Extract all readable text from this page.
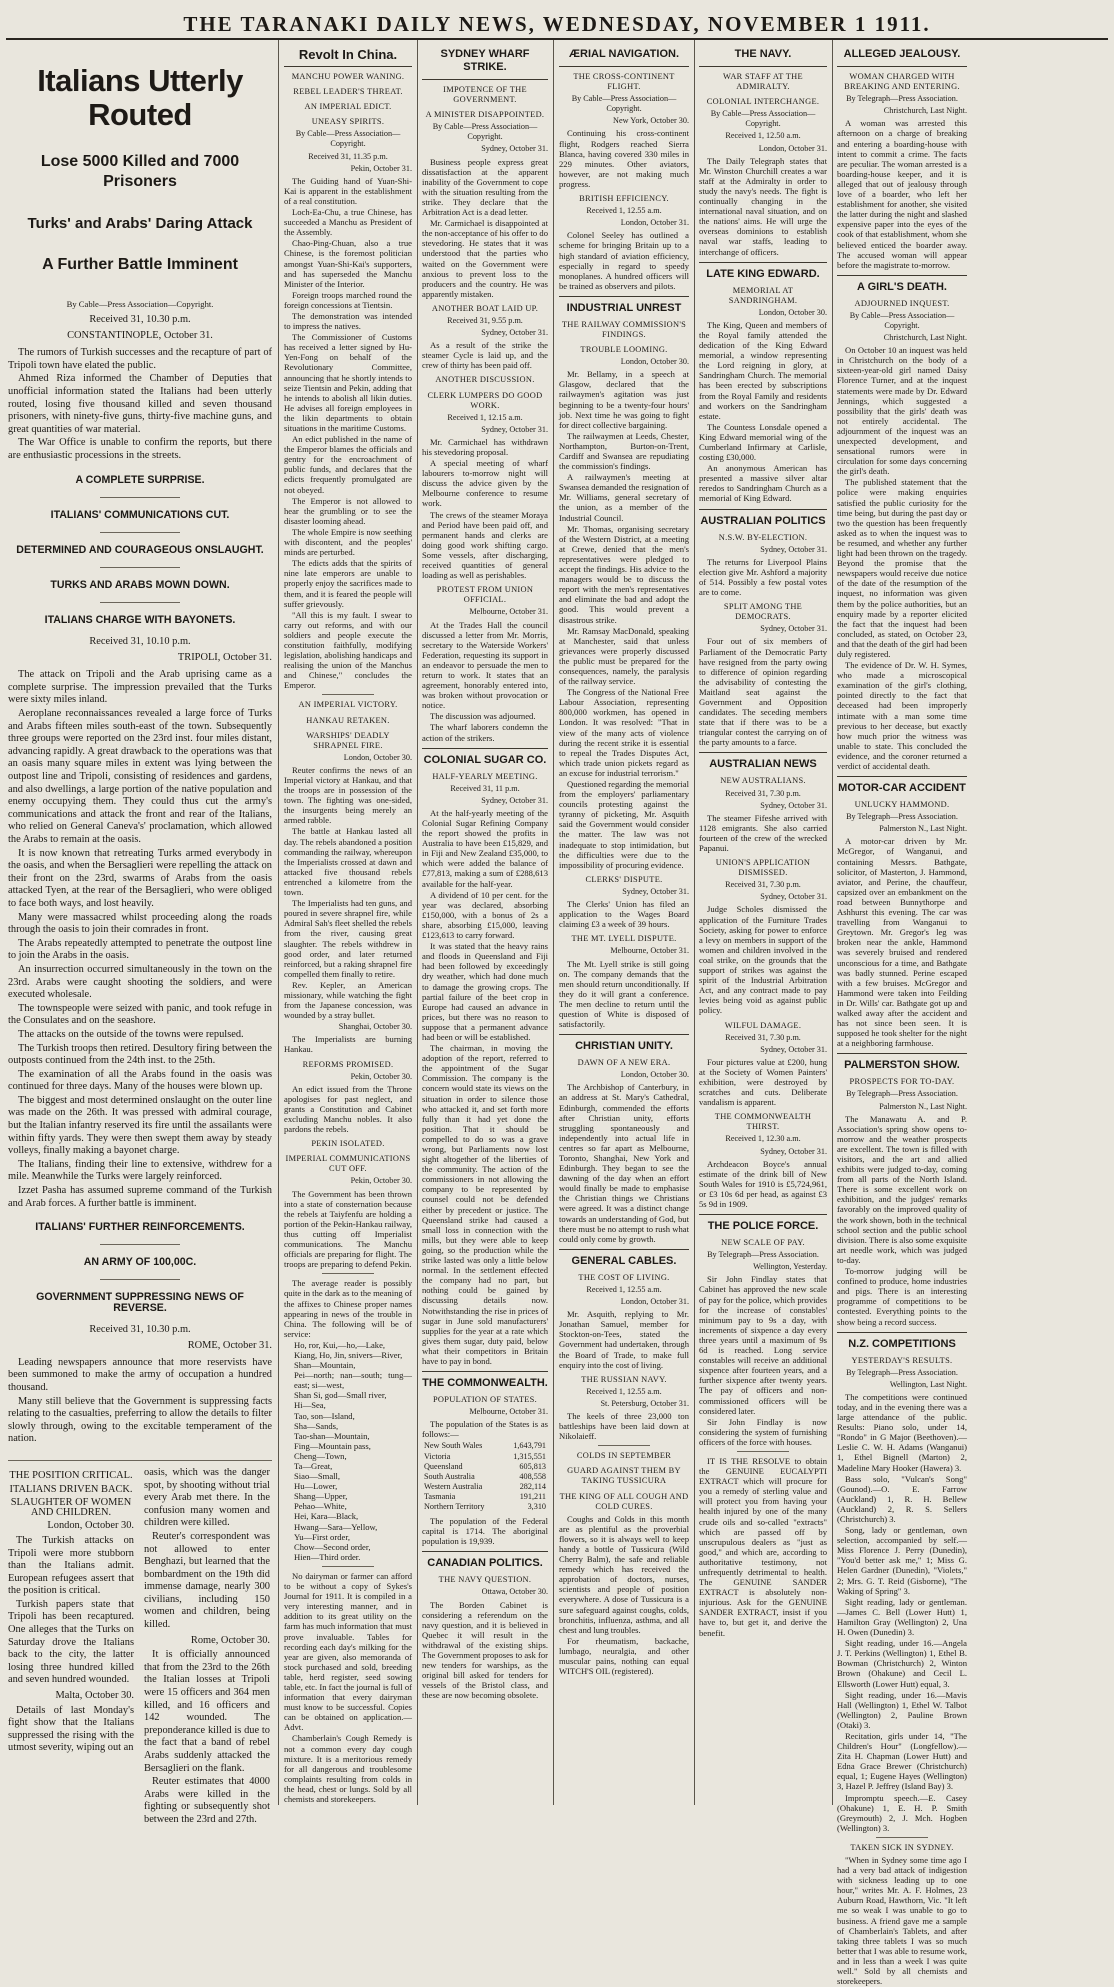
THE TARANAKI DAILY NEWS, WEDNESDAY, NOVEMBER 1 1911.
Italians Utterly Routed
Lose 5000 Killed and 7000 Prisoners
Turks' and Arabs' Daring Attack
A Further Battle Imminent
By Cable—Press Association—Copyright.
Received 31, 10.30 p.m.
CONSTANTINOPLE, October 31.

The rumors of Turkish successes and the recapture of part of Tripoli town have elated the public.

Ahmed Riza informed the Chamber of Deputies that unofficial information stated the Italians had been utterly routed, losing five thousand killed and seven thousand prisoners, with ninety-five guns, thirty-five machine guns, and great quantities of war material.

The War Office is unable to confirm the reports, but there are enthusiastic processions in the streets.

A COMPLETE SURPRISE.
ITALIANS' COMMUNICATIONS CUT.
DETERMINED AND COURAGEOUS ONSLAUGHT.
TURKS AND ARABS MOWN DOWN.
ITALIANS CHARGE WITH BAYONETS.
Received 31, 10.10 p.m.
TRIPOLI, October 31.

The attack on Tripoli and the Arab uprising came as a complete surprise. The impression prevailed that the Turks were sixty miles inland.

Aeroplane reconnaissances revealed a large force of Turks and Arabs fifteen miles south-east of the town. Subsequently three groups were reported on the 23rd inst. four miles distant, advancing rapidly. A great drawback to the operations was that an oasis many square miles in extent was lying between the outpost line and Tripoli, consisting of residences and gardens, and also dwellings, a large portion of the native population and enemy occupying them. They could thus cut the army's communications and attack the front and rear of the Italians, who relied on General Caneva's' proclamation, which allowed the Arabs to remain at the oasis.

It is now known that retreating Turks armed everybody in the oasis, and when the Bersaglieri were repelling the attack on their front on the 23rd, swarms of Arabs from the oasis attacked Tyen, at the rear of the Bersaglieri, who were obliged to face both ways, and lost heavily.

Many were massacred whilst proceeding along the roads through the oasis to join their comrades in front.

The Arabs repeatedly attempted to penetrate the outpost line to join the Arabs in the oasis.

An insurrection occurred simultaneously in the town on the 23rd. Arabs were caught shooting the soldiers, and were executed wholesale.

The townspeople were seized with panic, and took refuge in the Consulates and on the seashore.

The attacks on the outside of the towns were repulsed.

The Turkish troops then retired. Desultory firing between the outposts continued from the 24th inst. to the 25th.

The examination of all the Arabs found in the oasis was continued for three days. Many of the houses were blown up.

The biggest and most determined onslaught on the outer line was made on the 26th. It was pressed with admiral courage, but the Italian infantry reserved its fire until the assailants were within fifty yards. They were then swept them away by steady volleys, finally making a bayonet charge.

The Italians, finding their line to extensive, withdrew for a mile. Meanwhile the Turks were largely reinforced.

Izzet Pasha has assumed supreme command of the Turkish and Arab forces. A further battle is imminent.

ITALIANS' FURTHER REINFORCEMENTS.
AN ARMY OF 100,00C.
GOVERNMENT SUPPRESSING NEWS OF REVERSE.
Received 31, 10.30 p.m.
ROME, October 31.

Leading newspapers announce that more reservists have been summoned to make the army of occupation a hundred thousand.

Many still believe that the Government is suppressing facts relating to the casualties, preferring to allow the details to filter slowly through, owing to the excitable temperament of the nation.

THE POSITION CRITICAL.
ITALIANS DRIVEN BACK.
SLAUGHTER OF WOMEN AND CHILDREN.
London, October 30.

The Turkish attacks on Tripoli were more stubborn than the Italians admit. European refugees assert that the position is critical.

Turkish papers state that Tripoli has been recaptured. One alleges that the Turks on Saturday drove the Italians back to the city, the latter losing three hundred killed and seven hundred wounded.

Malta, October 30.

Details of last Monday's fight show that the Italians suppressed the rising with the utmost severity, wiping out an

oasis, which was the danger spot, by shooting without trial every Arab met there. In the confusion many women and children were killed.

Reuter's correspondent was not allowed to enter Benghazi, but learned that the bombardment on the 19th did immense damage, nearly 300 civilians, including 150 women and children, being killed.

Rome, October 30.

It is officially announced that from the 23rd to the 26th the Italian losses at Tripoli were 15 officers and 364 men killed, and 16 officers and 142 wounded. The preponderance killed is due to the fact that a band of rebel Arabs suddenly attacked the Bersaglieri on the flank.

Reuter estimates that 4000 Arabs were killed in the fighting or subsequently shot between the 23rd and 27th.

Revolt In China.
MANCHU POWER WANING.
REBEL LEADER'S THREAT.
AN IMPERIAL EDICT.
UNEASY SPIRITS.
By Cable—Press Association—Copyright.
Received 31, 11.35 p.m.
Pekin, October 31.

The Guiding hand of Yuan-Shi-Kai is apparent in the establishment of a real constitution.

Loch-Ea-Chu, a true Chinese, has succeeded a Manchu as President of the Assembly.

Chao-Ping-Chuan, also a true Chinese, is the foremost politician amongst Yuan-Shi-Kai's supporters, and has superseded the Manchu Minister of the Interior.

Foreign troops marched round the foreign concessions at Tientsin.

The demonstration was intended to impress the natives.

The Commissioner of Customs has received a letter signed by Hu-Yen-Fong on behalf of the Revolutionary Committee, announcing that he shortly intends to seize Tientsin and Pekin, adding that he intends to abolish all likin duties. He advises all foreign employees in the likin departments to obtain situations in the maritime Customs.

An edict published in the name of the Emperor blames the officials and gentry for the encroachment of public funds, and declares that the edicts frequently promulgated are not obeyed.

The Emperor is not allowed to hear the grumbling or to see the disaster looming ahead.

The whole Empire is now seething with discontent, and the peoples' minds are perturbed.

The edicts adds that the spirits of nine late emperors are unable to properly enjoy the sacrifices made to them, and it is feared the people will suffer grievously.

"All this is my fault. I swear to carry out reforms, and with our soldiers and people execute the constitution faithfully, modifying legislation, abolishing handicaps and realising the union of the Manchus and Chinese," concludes the Emperor.

AN IMPERIAL VICTORY.
HANKAU RETAKEN.
WARSHIPS' DEADLY SHRAPNEL FIRE.
London, October 30.

Reuter confirms the news of an Imperial victory at Hankau, and that the troops are in possession of the town. The fighting was one-sided, the insurgents being merely an armed rabble.

The battle at Hankau lasted all day. The rebels abandoned a position commanding the railway, whereupon the Imperialists crossed at dawn and attacked five thousand rebels entrenched a kilometre from the town.

The Imperialists had ten guns, and poured in severe shrapnel fire, while Admiral Sah's fleet shelled the rebels from the river, causing great slaughter. The rebels withdrew in good order, and later returned reinforced, but a raking shrapnel fire compelled them finally to retire.

Rev. Kepler, an American missionary, while watching the fight from the Japanese concession, was wounded by a stray bullet.

Shanghai, October 30.

The Imperialists are burning Hankau.

REFORMS PROMISED.
Pekin, October 30.

An edict issued from the Throne apologises for past neglect, and grants a Constitution and Cabinet excluding Manchu nobles. It also pardons the rebels.

PEKIN ISOLATED.
IMPERIAL COMMUNICATIONS CUT OFF.
Pekin, October 30.

The Government has been thrown into a state of consternation because the rebels at Taiyfenfu are holding a portion of the Pekin-Hankau railway, thus cutting off Imperialist communications. The Manchu officials are preparing for flight. The troops are preparing to defend Pekin.

The average reader is possibly quite in the dark as to the meaning of the affixes to Chinese proper names appearing in news of the trouble in China. The following will be of service:

Ho, ror, Kui,—ho,—Lake,
Kiang, Ho, Jin, snivers—River,
Shan—Mountain,
Pei—north; nan—south; tung—east; si—west,
Shan Si, god—Small river,
Hi—Sea,
Tao, son—Island,
Sha—Sands,
Tao-shan—Mountain,
Fing—Mountain pass,
Cheng—Town,
Ta—Great,
Siao—Small,
Hu—Lower,
Shang—Upper,
Pehao—White,
Hei, Kara—Black,
Hwang—Sara—Yellow,
Yu—First order,
Chow—Second order,
Hien—Third order.

No dairyman or farmer can afford to be without a copy of Sykes's Journal for 1911. It is compiled in a very interesting manner, and in addition to its great utility on the farm has much information that must prove invaluable. Tables for recording each day's milking for the year are given, also memoranda of stock purchased and sold, breeding table, herd register, seed sowing table, etc. In fact the journal is full of information that every dairyman must know to be successful. Copies can be obtained on application.—Advt.

Chamberlain's Cough Remedy is not a common every day cough mixture. It is a meritorious remedy for all dangerous and troublesome complaints resulting from colds in the head, chest or lungs. Sold by all chemists and storekeepers.

SYDNEY WHARF STRIKE.
IMPOTENCE OF THE GOVERNMENT.
A MINISTER DISAPPOINTED.
By Cable—Press Association—Copyright.
Sydney, October 31.

Business people express great dissatisfaction at the apparent inability of the Government to cope with the situation resulting from the strike. They declare that the Arbitration Act is a dead letter.

Mr. Carmichael is disappointed at the non-acceptance of his offer to do stevedoring. He states that it was understood that the parties who waited on the Government were anxious to prevent loss to the producers and the country. He was apparently mistaken.

ANOTHER BOAT LAID UP.
Received 31, 9.55 p.m.
Sydney, October 31.

As a result of the strike the steamer Cycle is laid up, and the crew of thirty has been paid off.

ANOTHER DISCUSSION.
CLERK LUMPERS DO GOOD WORK.
Received 1, 12.15 a.m.
Sydney, October 31.

Mr. Carmichael has withdrawn his stevedoring proposal.

A special meeting of wharf labourers to-morrow night will discuss the advice given by the Melbourne conference to resume work.

The crews of the steamer Moraya and Period have been paid off, and permanent hands and clerks are doing good work shifting cargo. Some vessels, after discharging, received quantities of general loading as well as perishables.

PROTEST FROM UNION OFFICIAL.
Melbourne, October 31.

At the Trades Hall the council discussed a letter from Mr. Morris, secretary to the Waterside Workers' Federation, requesting its support in an endeavor to persuade the men to return to work. It states that an agreement, honorably entered into, was broken without provocation or notice.

The discussion was adjourned.

The wharf laborers condemn the action of the strikers.

COLONIAL SUGAR CO.
HALF-YEARLY MEETING.
Received 31, 11 p.m.
Sydney, October 31.

At the half-yearly meeting of the Colonial Sugar Refining Company the report showed the profits in Australia to have been £15,829, and in Fiji and New Zealand £35,000, to which were added the balance of £77,813, making a sum of £288,613 available for the half-year.

A dividend of 10 per cent. for the year was declared, absorbing £150,000, with a bonus of 2s a share, absorbing £15,000, leaving £123,613 to carry forward.

It was stated that the heavy rains and floods in Queensland and Fiji had been followed by exceedingly dry weather, which had done much to damage the growing crops. The partial failure of the beet crop in Europe had caused an advance in prices, but there was no reason to suppose that a permanent advance had been or will be established.

The chairman, in moving the adoption of the report, referred to the appointment of the Sugar Commission. The company is the concern would state its views on the situation in order to silence those who attacked it, and set forth more fully than it had yet done the position. That it should be compelled to do so was a grave wrong, but Parliaments now lost sight altogether of the liberties of the community. The action of the commissioners in not allowing the company to be represented by counsel could not be defended either by precedent or justice. The Queensland strike had caused a small loss in connection with the mills, but they were able to keep going, so the production while the strike lasted was only a little below normal. In the settlement effected the company had no part, but nothing could be gained by discussing details now. Notwithstanding the rise in prices of sugar in June sold manufacturers' supplies for the year at a rate which gives them sugar, duty paid, below what their competitors in Britain have to pay in bond.

THE COMMONWEALTH.
POPULATION OF STATES.
Melbourne, October 31.

The population of the States is as follows:—

New South Wales	1,643,791
Victoria	1,315,551
Queensland	605,813
South Australia	408,558
Western Australia	282,114
Tasmania	191,211
Northern Territory	3,310

The population of the Federal capital is 1714. The aboriginal population is 19,939.

CANADIAN POLITICS.
THE NAVY QUESTION.
Ottawa, October 30.

The Borden Cabinet is considering a referendum on the navy question, and it is believed in Quebec it will result in the withdrawal of the existing ships. The Government proposes to ask for new tenders for warships, as the original bill asked for tenders for vessels of the Bristol class, and these are now becoming obsolete.

ÆRIAL NAVIGATION.
THE CROSS-CONTINENT FLIGHT.
By Cable—Press Association—Copyright.
New York, October 30.

Continuing his cross-continent flight, Rodgers reached Sierra Blanca, having covered 330 miles in 229 minutes. Other aviators, however, are not making much progress.

BRITISH EFFICIENCY.
Received 1, 12.55 a.m.
London, October 31.

Colonel Seeley has outlined a scheme for bringing Britain up to a high standard of aviation efficiency, especially in regard to speedy monoplanes. A hundred officers will be trained as observers and pilots.

INDUSTRIAL UNREST
THE RAILWAY COMMISSION'S FINDINGS.
TROUBLE LOOMING.
London, October 30.

Mr. Bellamy, in a speech at Glasgow, declared that the railwaymen's agitation was just beginning to be a twenty-four hours' job. Next time he was going to fight for direct collective bargaining.

The railwaymen at Leeds, Chester, Northampton, Burton-on-Trent, Cardiff and Swansea are repudiating the commission's findings.

A railwaymen's meeting at Swansea demanded the resignation of Mr. Williams, general secretary of the union, as a member of the Industrial Council.

Mr. Thomas, organising secretary of the Western District, at a meeting at Crewe, denied that the men's representatives were pledged to accept the findings. His advice to the managers would be to discuss the report with the men's representatives and eliminate the bad and adopt the good. This would prevent a disastrous strike.

Mr. Ramsay MacDonald, speaking at Manchester, said that unless grievances were properly discussed the public must be prepared for the consequences, namely, the paralysis of the railway service.

The Congress of the National Free Labour Association, representing 800,000 workmen, has opened in London. It was resolved: "That in view of the many acts of violence during the recent strike it is essential to repeal the Trades Disputes Act, which trade union pickets regard as an excuse for industrial terrorism."

Questioned regarding the memorial from the employers' parliamentary councils protesting against the tyranny of picketing, Mr. Asquith said the Government would consider the matter. The law was not inadequate to stop intimidation, but the difficulties were due to the impossibility of procuring evidence.

CLERKS' DISPUTE.
Sydney, October 31.

The Clerks' Union has filed an application to the Wages Board claiming £3 a week of 39 hours.

THE MT. LYELL DISPUTE.
Melbourne, October 31.

The Mt. Lyell strike is still going on. The company demands that the men should return unconditionally. If they do it will grant a conference. The men decline to return until the question of White is disposed of satisfactorily.

CHRISTIAN UNITY.
DAWN OF A NEW ERA.
London, October 30.

The Archbishop of Canterbury, in an address at St. Mary's Cathedral, Edinburgh, commended the efforts after Christian unity, efforts struggling spontaneously and independently into actual life in centres so far apart as Melbourne, Toronto, Shanghai, New York and Edinburgh. They began to see the dawning of the day when an effort would finally be made to emphasise the Christian things we Christians were agreed. It was a distinct change towards an understanding of God, but there must be no attempt to rush what could only come by growth.

GENERAL CABLES.
THE COST OF LIVING.
Received 1, 12.55 a.m.
London, October 31.

Mr. Asquith, replying to Mr. Jonathan Samuel, member for Stockton-on-Tees, stated the Government had undertaken, through the Board of Trade, to make full enquiry into the cost of living.

THE RUSSIAN NAVY.
Received 1, 12.55 a.m.
St. Petersburg, October 31.

The keels of three 23,000 ton battleships have been laid down at Nikolaieff.

COLDS IN SEPTEMBER
GUARD AGAINST THEM BY TAKING TUSSICURA
THE KING OF ALL COUGH AND COLD CURES.

Coughs and Colds in this month are as plentiful as the proverbial flowers, so it is always well to keep handy a bottle of Tussicura (Wild Cherry Balm), the safe and reliable remedy which has received the approbation of doctors, nurses, scientists and people of position everywhere. A dose of Tussicura is a sure safeguard against coughs, colds, bronchitis, influenza, asthma, and all chest and lung troubles.

For rheumatism, backache, lumbago, neuralgia, and other muscular pains, nothing can equal WITCH'S OIL (registered).

THE NAVY.
WAR STAFF AT THE ADMIRALTY.
COLONIAL INTERCHANGE.
By Cable—Press Association—Copyright.
Received 1, 12.50 a.m.
London, October 31.

The Daily Telegraph states that Mr. Winston Churchill creates a war staff at the Admiralty in order to study the navy's needs. The fight is continually changing in the international naval situation, and on the nations' aims. He will urge the overseas dominions to establish naval war staffs, leading to interchange of officers.

LATE KING EDWARD.
MEMORIAL AT SANDRINGHAM.
London, October 30.

The King, Queen and members of the Royal family attended the dedication of the King Edward memorial, a window representing the Lord reigning in glory, at Sandringham Church. The memorial has been erected by subscriptions from the Royal Family and residents and workers on the Sandringham estate.

The Countess Lonsdale opened a King Edward memorial wing of the Cumberland Infirmary at Carlisle, costing £30,000.

An anonymous American has presented a massive silver altar reredos to Sandringham Church as a memorial of King Edward.

AUSTRALIAN POLITICS
N.S.W. BY-ELECTION.
Sydney, October 31.

The returns for Liverpool Plains election give Mr. Ashford a majority of 514. Possibly a few postal votes are to come.

SPLIT AMONG THE DEMOCRATS.
Sydney, October 31.

Four out of six members of Parliament of the Democratic Party have resigned from the party owing to difference of opinion regarding the advisability of contesting the Maitland seat against the Government and Opposition candidates. The seceding members state that if there was to be a triangular contest the carrying on of the party amounts to a farce.

AUSTRALIAN NEWS
NEW AUSTRALIANS.
Received 31, 7.30 p.m.
Sydney, October 31.

The steamer Fifeshe arrived with 1128 emigrants. She also carried fourteen of the crew of the wrecked Papanui.

UNION'S APPLICATION DISMISSED.
Received 31, 7.30 p.m.
Sydney, October 31.

Judge Scholes dismissed the application of the Furniture Trades Society, asking for power to enforce a levy on members in support of the women and children involved in the coal strike, on the grounds that the support of strikes was against the spirit of the Industrial Arbitration Act, and any contract made to pay levies being void as against public policy.

WILFUL DAMAGE.
Received 31, 7.30 p.m.
Sydney, October 31.

Four pictures value at £200, hung at the Society of Women Painters' exhibition, were destroyed by scratches and cuts. Deliberate vandalism is apparent.

THE COMMONWEALTH THIRST.
Received 1, 12.30 a.m.
Sydney, October 31.

Archdeacon Boyce's annual estimate of the drink bill of New South Wales for 1910 is £5,724,961, or £3 10s 6d per head, as against £3 5s 9d in 1909.

THE POLICE FORCE.
NEW SCALE OF PAY.
By Telegraph—Press Association.
Wellington, Yesterday.

Sir John Findlay states that Cabinet has approved the new scale of pay for the police, which provides for the increase of constables' minimum pay to 9s a day, with increments of sixpence a day every three years until a maximum of 9s 6d is reached. Long service constables will receive an additional sixpence after fourteen years, and a further sixpence after twenty years. The pay of officers and non-commissioned officers will be considered later.

Sir John Findlay is now considering the system of furnishing officers of the force with houses.

IT IS THE RESOLVE to obtain the GENUINE EUCALYPTI EXTRACT which will procure for you a remedy of sterling value and will protect you from having your health injured by one of the many crude oils and so-called "extracts" which are passed off by unscrupulous dealers as "just as good," and which are, according to authoritative testimony, not unfrequently detrimental to health. The GENUINE SANDER EXTRACT is absolutely non-injurious. Ask for the GENUINE SANDER EXTRACT, insist if you have to, but get it, and derive the benefit.

ALLEGED JEALOUSY.
WOMAN CHARGED WITH BREAKING AND ENTERING.
By Telegraph—Press Association.
Christchurch, Last Night.

A woman was arrested this afternoon on a charge of breaking and entering a boarding-house with intent to commit a crime. The facts are peculiar. The woman arrested is a boarding-house keeper, and it is alleged that out of jealousy through love of a boarder, who left her establishment for another, she visited the latter during the night and slashed expensive paper into the eyes of the cook of that establishment, whom she believed enticed the boarder away. The accused woman will appear before the magistrate to-morrow.

A GIRL'S DEATH.
ADJOURNED INQUEST.
By Cable—Press Association—Copyright.
Christchurch, Last Night.

On October 10 an inquest was held in Christchurch on the body of a sixteen-year-old girl named Daisy Florence Turner, and at the inquest statements were made by Dr. Edward Jennings, which suggested a possibility that the girls' death was not entirely accidental. The adjournment of the inquest was an unexpected development, and sensational rumors were in circulation for some days concerning the girl's death.

The published statement that the police were making enquiries satisfied the public curiosity for the time being, but during the past day or two the question has been frequently asked as to when the inquest was to be resumed, and whether any further light had been thrown on the tragedy. Beyond the promise that the newspapers would receive due notice of the date of the resumption of the inquest, no information was given them by the police authorities, but an enquiry made by a reporter elicited the fact that the inquest had been concluded, as stated, on October 23, and that the death of the girl had been duly registered.

The evidence of Dr. W. H. Symes, who made a microscopical examination of the girl's clothing, pointed directly to the fact that deceased had been improperly intimate with a man some time previous to her decease, but exactly how much prior the witness was unable to state. This concluded the evidence, and the coroner returned a verdict of accidental death.

MOTOR-CAR ACCIDENT
UNLUCKY HAMMOND.
By Telegraph—Press Association.
Palmerston N., Last Night.

A motor-car driven by Mr. McGregor, of Wanganui, and containing Messrs. Bathgate, solicitor, of Masterton, J. Hammond, aviator, and Perine, the chauffeur, capsized over an embankment on the road between Bunnythorpe and Ashhurst this evening. The car was travelling from Wanganui to Greytown. Mr. Gregor's leg was broken near the ankle, Hammond was severely bruised and rendered unconscious for a time, and Bathgate was badly stunned. Perine escaped with a few bruises. McGregor and Hammond were taken into Feilding in Dr. Wills' car. Bathgate got up and walked away after the accident and has not since been seen. It is supposed he took shelter for the night at a neighboring farmhouse.

PALMERSTON SHOW.
PROSPECTS FOR TO-DAY.
By Telegraph—Press Association.
Palmerston N., Last Night.

The Manawatu A. and P. Association's spring show opens to-morrow and the weather prospects are excellent. The town is filled with visitors, and the art and allied exhibits were judged to-day, coming from all parts of the North Island. There is some excellent work on exhibition, and the judges' remarks favorably on the improved quality of the work shown, both in the technical school section and the public school division. There is also some exquisite art needle work, which was judged to-day.

To-morrow judging will be confined to produce, home industries and pigs. There is an interesting programme of competitions to be contested. Everything points to the show being a record success.

N.Z. COMPETITIONS
YESTERDAY'S RESULTS.
By Telegraph—Press Association.
Wellington, Last Night.

The competitions were continued today, and in the evening there was a large attendance of the public. Results: Piano solo, under 14, "Rondo" in G Major (Beethoven).—Leslie C. W. H. Adams (Wanganui) 1, Ethel Bignell (Marton) 2, Madeline Mary Hooker (Hawera) 3.

Bass solo, "Vulcan's Song" (Gounod).—O. E. Farrow (Auckland) 1, R. H. Bellew (Auckland) 2, R. S. Sellers (Christchurch) 3.

Song, lady or gentleman, own selection, accompanied by self.—Miss Florence J. Perry (Dunedin), "You'd better ask me," 1; Miss G. Helen Gardner (Dunedin), "Violets," 2; Mrs. G. T. Reid (Gisborne), "The Waking of Spring" 3.

Sight reading, lady or gentleman.—James C. Bell (Lower Hutt) 1, Hamilton Gray (Wellington) 2, Una H. Owen (Dunedin) 3.

Sight reading, under 16.—Angela J. T. Perkins (Wellington) 1, Ethel B. Bowman (Christchurch) 2, Winton Brown (Ohakune) and Cecil L. Ellsworth (Lower Hutt) equal, 3.

Sight reading, under 16.—Mavis Hall (Wellington) 1, Ethel W. Talbot (Wellington) 2, Pauline Brown (Otaki) 3.

Recitation, girls under 14, "The Children's Hour" (Longfellow).—Zita H. Chapman (Lower Hutt) and Edna Grace Brewer (Christchurch) equal, 1; Eugene Hayes (Wellington) 3, Hazel P. Jeffrey (Island Bay) 3.

Impromptu speech.—E. Casey (Ohakune) 1, E. H. P. Smith (Greymouth) 2, J. Mch. Hogben (Wellington) 3.

TAKEN SICK IN SYDNEY.

"When in Sydney some time ago I had a very bad attack of indigestion with sickness leading up to one hour," writes Mr. A. F. Holmes, 23 Auburn Road, Hawthorn, Vic. "It left me so weak I was unable to go to business. A friend gave me a sample of Chamberlain's Tablets, and after taking three tablets I was so much better that I was able to resume work, and in less than a week I was quite well." Sold by all chemists and storekeepers.
